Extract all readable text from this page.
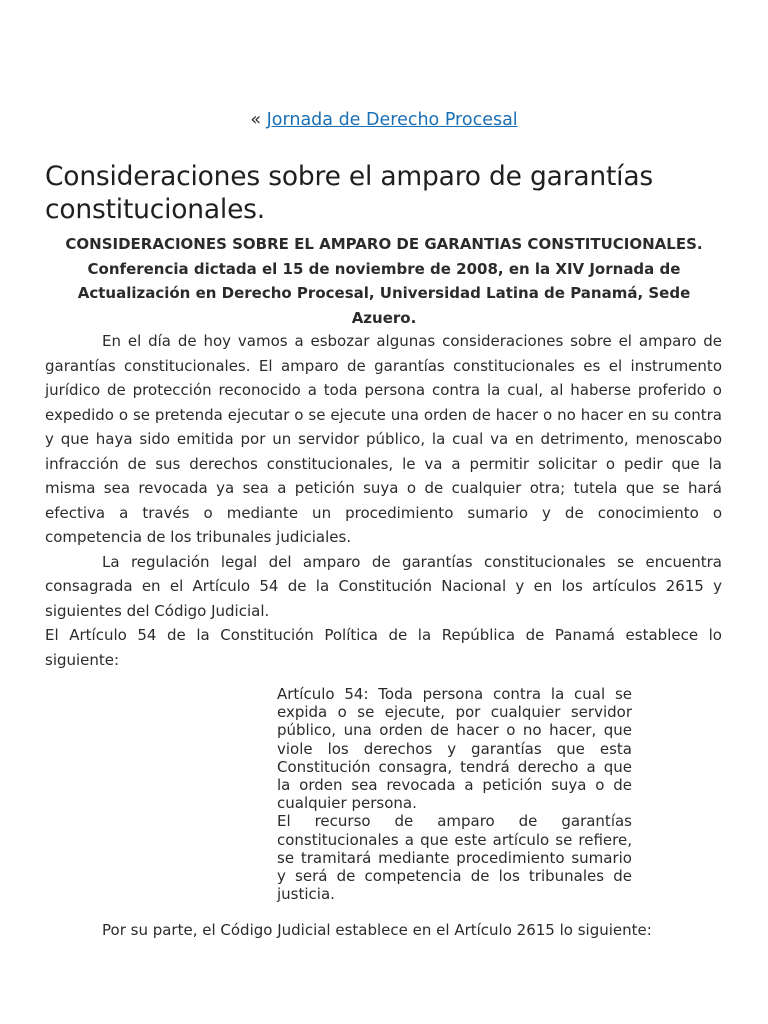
« Jornada de Derecho Procesal
Consideraciones sobre el amparo de garantías constitucionales.
CONSIDERACIONES SOBRE EL AMPARO DE GARANTIAS CONSTITUCIONALES.
Conferencia dictada el 15 de noviembre de 2008, en la XIV Jornada de Actualización en Derecho Procesal, Universidad Latina de Panamá, Sede Azuero.

En el día de hoy vamos a esbozar algunas consideraciones sobre el amparo de garantías constitucionales. El amparo de garantías constitucionales es el instrumento jurídico de protección reconocido a toda persona contra la cual, al haberse proferido o expedido o se pretenda ejecutar o se ejecute una orden de hacer o no hacer en su contra y que haya sido emitida por un servidor público, la cual va en detrimento, menoscabo infracción de sus derechos constitucionales, le va a permitir solicitar o pedir que la misma sea revocada ya sea a petición suya o de cualquier otra; tutela que se hará efectiva a través o mediante un procedimiento sumario y de conocimiento o competencia de los tribunales judiciales.

La regulación legal del amparo de garantías constitucionales se encuentra consagrada en el Artículo 54 de la Constitución Nacional y en los artículos 2615 y siguientes del Código Judicial.

El Artículo 54 de la Constitución Política de la República de Panamá establece lo siguiente:

Artículo 54: Toda persona contra la cual se expida o se ejecute, por cualquier servidor público, una orden de hacer o no hacer, que viole los derechos y garantías que esta Constitución consagra, tendrá derecho a que la orden sea revocada a petición suya o de cualquier persona.

El recurso de amparo de garantías constitucionales a que este artículo se refiere, se tramitará mediante procedimiento sumario y será de competencia de los tribunales de justicia.

Por su parte, el Código Judicial establece en el Artículo 2615 lo siguiente:
